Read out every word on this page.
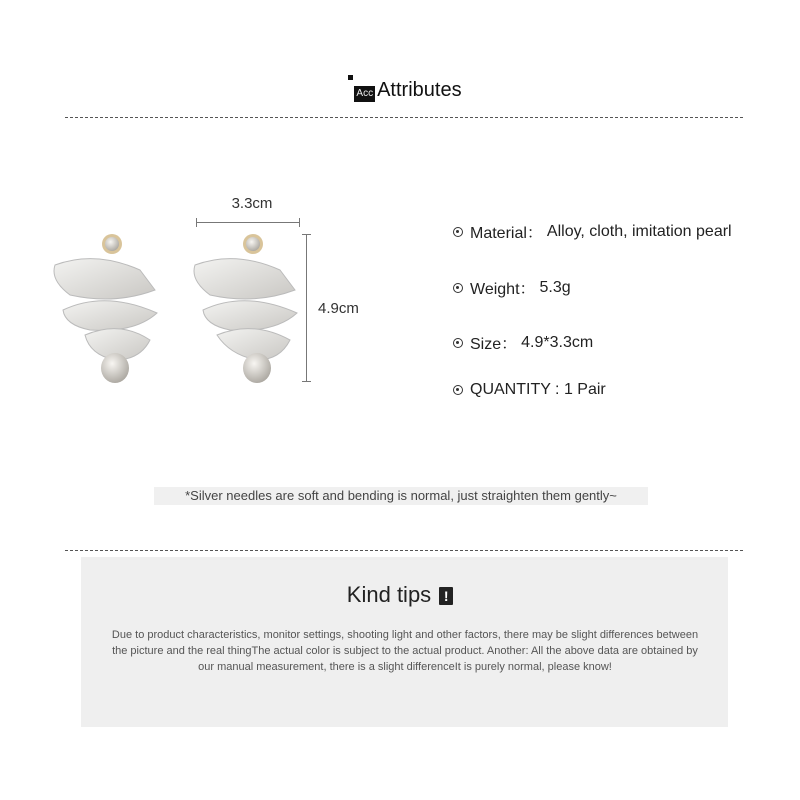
Acc Attributes
3.3cm
4.9cm
Material： Alloy, cloth, imitation pearl
Weight： 5.3g
Size： 4.9*3.3cm
QUANTITY : 1 Pair
*Silver needles are soft and bending is normal, just straighten them gently~
Kind tips !
Due to product characteristics, monitor settings, shooting light and other factors, there may be slight differences between the picture and the real thingThe actual color is subject to the actual product. Another: All the above data are obtained by our manual measurement, there is a slight differenceIt is purely normal, please know!
